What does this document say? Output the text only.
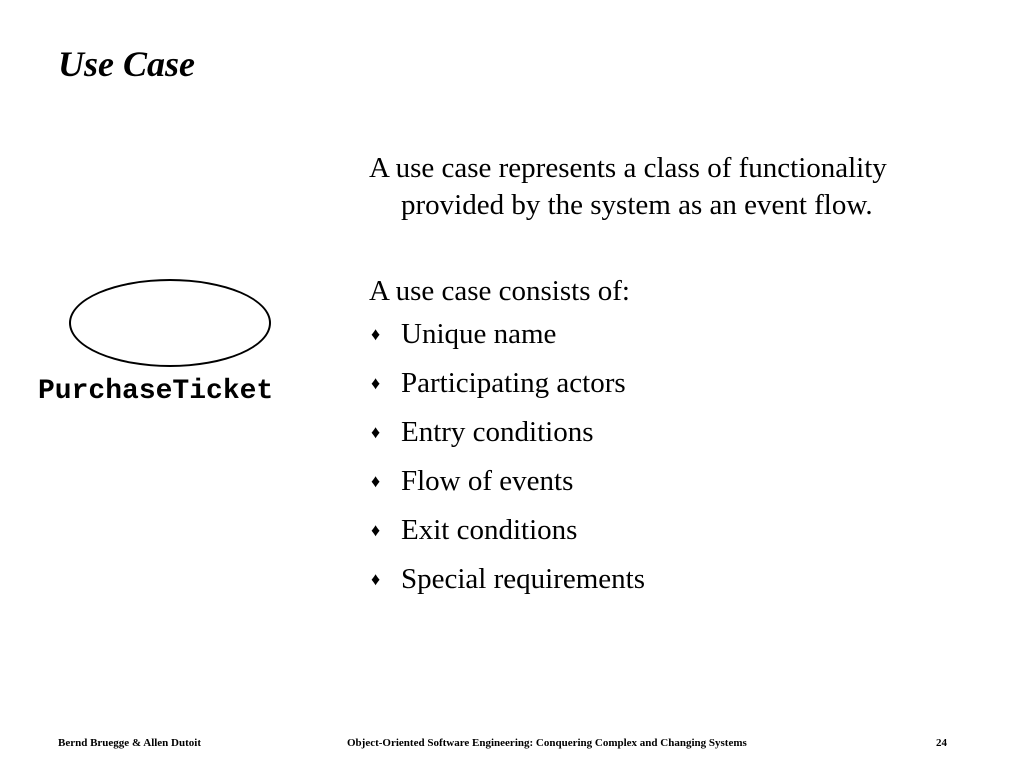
Use Case
PurchaseTicket

A use case represents a class of functionality provided by the system as an event flow.

A use case consists of:

♦ Unique name
♦ Participating actors
♦ Entry conditions
♦ Flow of events
♦ Exit conditions
♦ Special requirements
Bernd Bruegge & Allen Dutoit	Object-Oriented Software Engineering: Conquering Complex and Changing Systems	24
